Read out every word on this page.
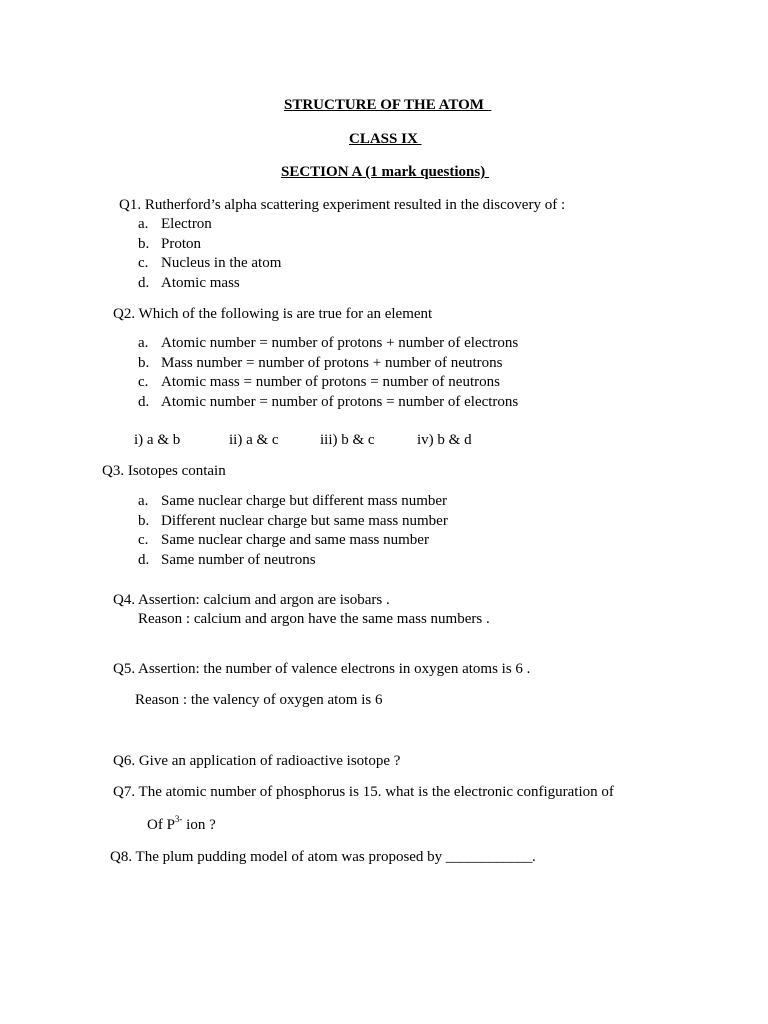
STRUCTURE OF THE ATOM
CLASS IX
SECTION A (1 mark questions)
Q1. Rutherford’s alpha scattering experiment resulted in the discovery of :
a. Electron
b. Proton
c. Nucleus in the atom
d. Atomic mass
Q2. Which of the following is are true for an element
a. Atomic number = number of protons + number of electrons
b. Mass number = number of protons + number of neutrons
c. Atomic mass = number of protons = number of neutrons
d. Atomic number = number of protons = number of electrons
i) a & b	ii) a & c	iii) b & c	iv) b & d
Q3. Isotopes contain
a. Same nuclear charge but different mass number
b. Different nuclear charge but same mass number
c. Same nuclear charge and same mass number
d. Same number of neutrons
Q4. Assertion: calcium and argon are isobars .
Reason : calcium and argon have the same mass numbers .
Q5. Assertion: the number of valence electrons in oxygen atoms is 6 .
Reason : the valency of oxygen atom is 6
Q6. Give an application of radioactive isotope ?
Q7. The atomic number of phosphorus is 15. what is the electronic configuration of
Of $P^{3-}$ ion ?
Q8. The plum pudding model of atom was proposed by ____________.
